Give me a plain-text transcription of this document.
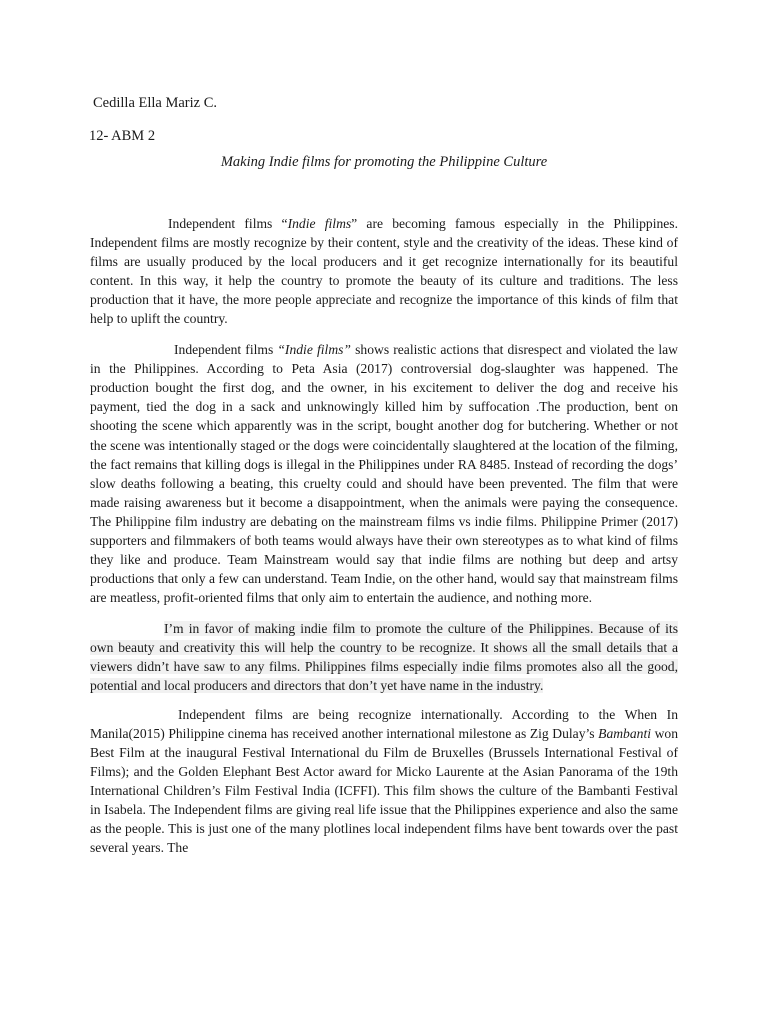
Cedilla Ella Mariz C.
12- ABM 2
Making Indie films for promoting the Philippine Culture

Independent films “Indie films” are becoming famous especially in the Philippines. Independent films are mostly recognize by their content, style and the creativity of the ideas. These kind of films are usually produced by the local producers and it get recognize internationally for its beautiful content. In this way, it help the country to promote the beauty of its culture and traditions. The less production that it have, the more people appreciate and recognize the importance of this kinds of film that help to uplift the country.

Independent films “Indie films” shows realistic actions that disrespect and violated the law in the Philippines. According to Peta Asia (2017) controversial dog-slaughter was happened. The production bought the first dog, and the owner, in his excitement to deliver the dog and receive his payment, tied the dog in a sack and unknowingly killed him by suffocation .The production, bent on shooting the scene which apparently was in the script, bought another dog for butchering. Whether or not the scene was intentionally staged or the dogs were coincidentally slaughtered at the location of the filming, the fact remains that killing dogs is illegal in the Philippines under RA 8485. Instead of recording the dogs’ slow deaths following a beating, this cruelty could and should have been prevented. The film that were made raising awareness but it become a disappointment, when the animals were paying the consequence. The Philippine film industry are debating on the mainstream films vs indie films. Philippine Primer (2017) supporters and filmmakers of both teams would always have their own stereotypes as to what kind of films they like and produce. Team Mainstream would say that indie films are nothing but deep and artsy productions that only a few can understand. Team Indie, on the other hand, would say that mainstream films are meatless, profit-oriented films that only aim to entertain the audience, and nothing more.

I’m in favor of making indie film to promote the culture of the Philippines. Because of its own beauty and creativity this will help the country to be recognize. It shows all the small details that a viewers didn’t have saw to any films. Philippines films especially indie films promotes also all the good, potential and local producers and directors that don’t yet have name in the industry.

Independent films are being recognize internationally. According to the When In Manila(2015) Philippine cinema has received another international milestone as Zig Dulay’s Bambanti won Best Film at the inaugural Festival International du Film de Bruxelles (Brussels International Festival of Films); and the Golden Elephant Best Actor award for Micko Laurente at the Asian Panorama of the 19th International Children’s Film Festival India (ICFFI). This film shows the culture of the Bambanti Festival in Isabela. The Independent films are giving real life issue that the Philippines experience and also the same as the people. This is just one of the many plotlines local independent films have bent towards over the past several years. The
